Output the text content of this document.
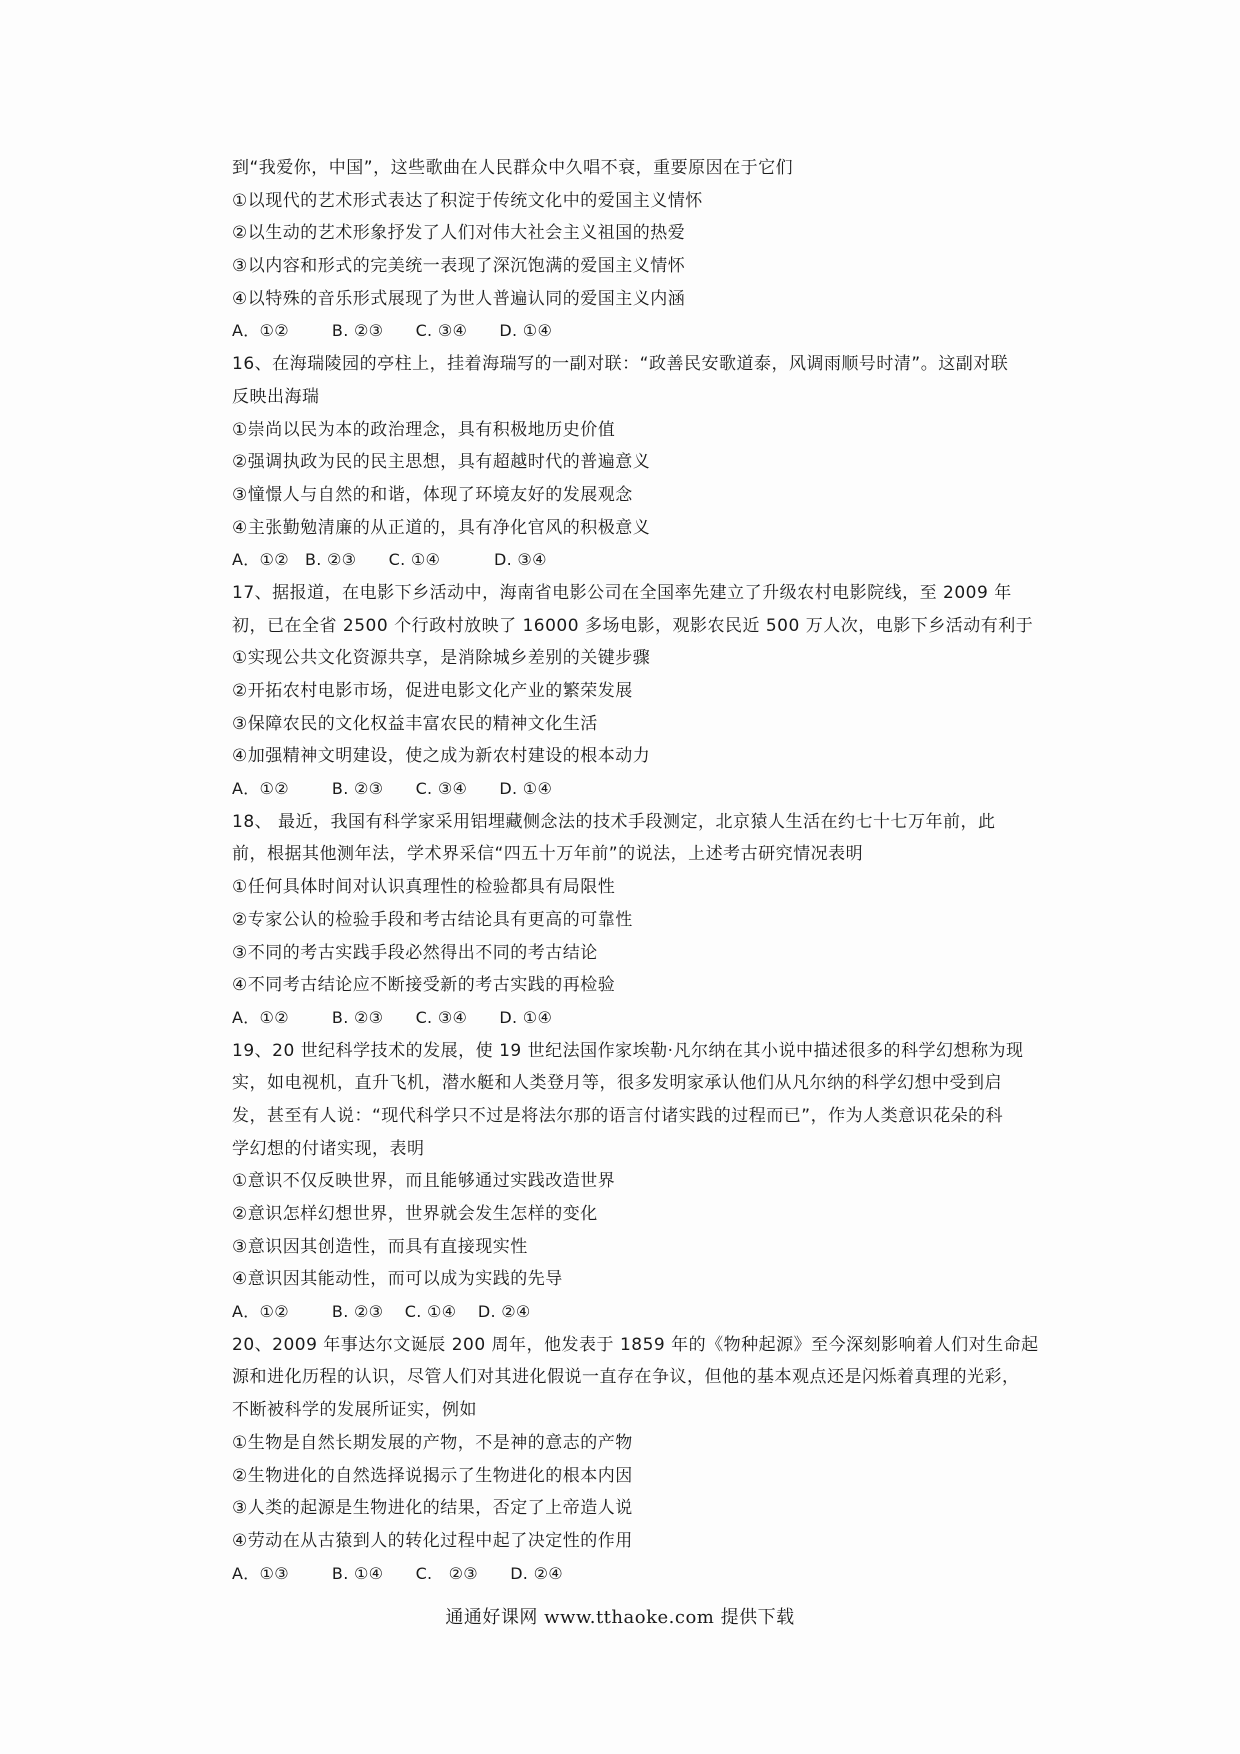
到“我爱你，中国”，这些歌曲在人民群众中久唱不衰，重要原因在于它们
①以现代的艺术形式表达了积淀于传统文化中的爱国主义情怀
②以生动的艺术形象抒发了人们对伟大社会主义祖国的热爱
③以内容和形式的完美统一表现了深沉饱满的爱国主义情怀
④以特殊的音乐形式展现了为世人普遍认同的爱国主义内涵
A．①②        B. ②③      C. ③④      D. ①④
16、在海瑞陵园的亭柱上，挂着海瑞写的一副对联：“政善民安歌道泰，风调雨顺号时清”。这副对联
反映出海瑞
①崇尚以民为本的政治理念，具有积极地历史价值
②强调执政为民的民主思想，具有超越时代的普遍意义
③憧憬人与自然的和谐，体现了环境友好的发展观念
④主张勤勉清廉的从正道的，具有净化官风的积极意义
A．①②   B. ②③      C. ①④          D. ③④
17、据报道，在电影下乡活动中，海南省电影公司在全国率先建立了升级农村电影院线，至 2009 年
初，已在全省 2500 个行政村放映了 16000 多场电影，观影农民近 500 万人次，电影下乡活动有利于
①实现公共文化资源共享，是消除城乡差别的关键步骤
②开拓农村电影市场，促进电影文化产业的繁荣发展
③保障农民的文化权益丰富农民的精神文化生活
④加强精神文明建设，使之成为新农村建设的根本动力
A．①②        B. ②③      C. ③④      D. ①④
18、 最近，我国有科学家采用铝埋藏侧念法的技术手段测定，北京猿人生活在约七十七万年前，此
前，根据其他测年法，学术界采信“四五十万年前”的说法，上述考古研究情况表明
①任何具体时间对认识真理性的检验都具有局限性
②专家公认的检验手段和考古结论具有更高的可靠性
③不同的考古实践手段必然得出不同的考古结论
④不同考古结论应不断接受新的考古实践的再检验
A．①②        B. ②③      C. ③④      D. ①④
19、20 世纪科学技术的发展，使 19 世纪法国作家埃勒·凡尔纳在其小说中描述很多的科学幻想称为现
实，如电视机，直升飞机，潜水艇和人类登月等，很多发明家承认他们从凡尔纳的科学幻想中受到启
发，甚至有人说：“现代科学只不过是将法尔那的语言付诸实践的过程而已”，作为人类意识花朵的科
学幻想的付诸实现，表明
①意识不仅反映世界，而且能够通过实践改造世界
②意识怎样幻想世界，世界就会发生怎样的变化
③意识因其创造性，而具有直接现实性
④意识因其能动性，而可以成为实践的先导
A．①②        B. ②③    C. ①④    D. ②④
20、2009 年事达尔文诞辰 200 周年，他发表于 1859 年的《物种起源》至今深刻影响着人们对生命起
源和进化历程的认识，尽管人们对其进化假说一直存在争议，但他的基本观点还是闪烁着真理的光彩，
不断被科学的发展所证实，例如
①生物是自然长期发展的产物，不是神的意志的产物
②生物进化的自然选择说揭示了生物进化的根本内因
③人类的起源是生物进化的结果，否定了上帝造人说
④劳动在从古猿到人的转化过程中起了决定性的作用
A．①③        B. ①④      C.   ②③      D. ②④
通通好课网 www.tthaoke.com 提供下载
